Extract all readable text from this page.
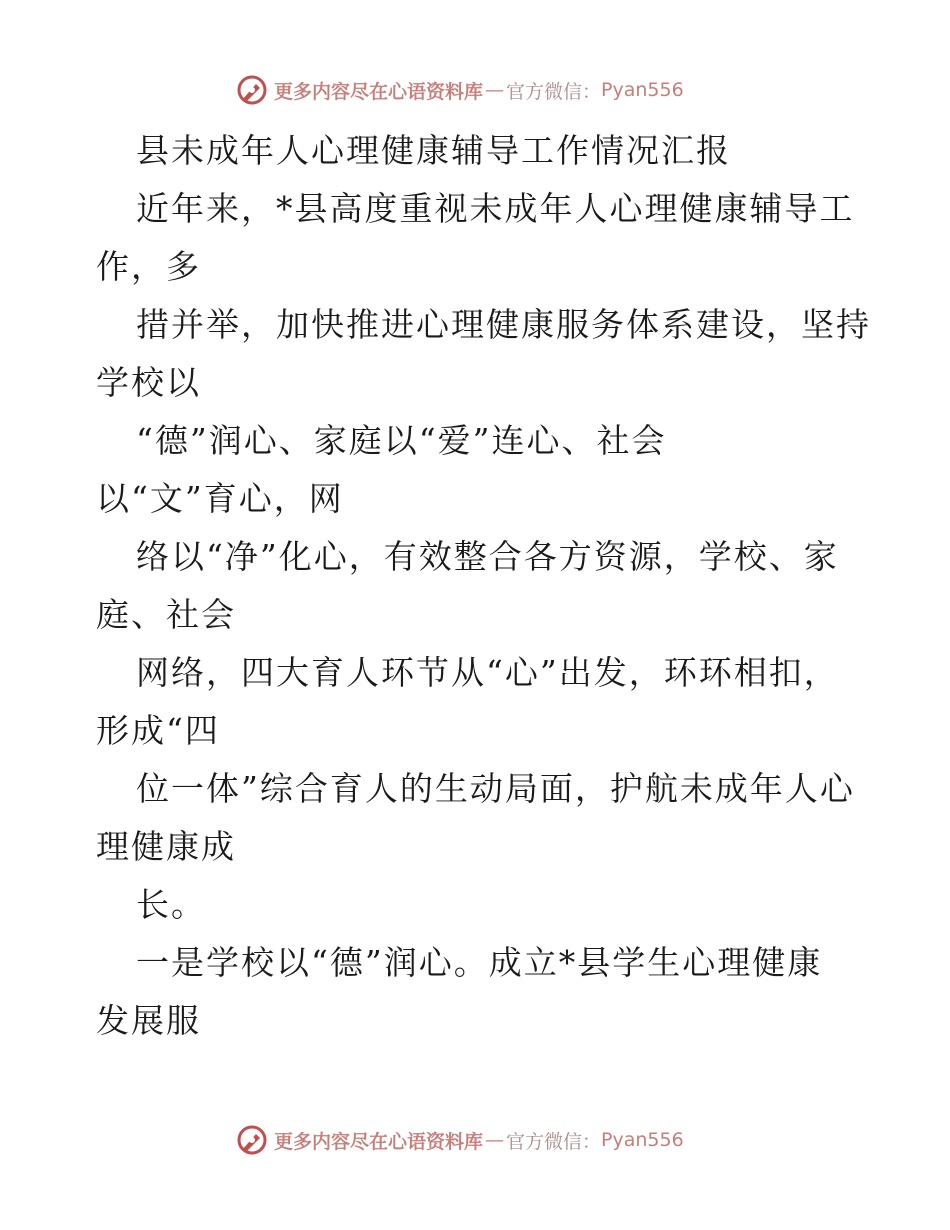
更多内容尽在心语资料库 — 官方微信： Pyan556
县未成年人心理健康辅导工作情况汇报
近年来，*县高度重视未成年人心理健康辅导工
作，多
措并举，加快推进心理健康服务体系建设，坚持
学校以
“德”润心、家庭以“爱”连心、社会
以“文”育心，网
络以“净”化心，有效整合各方资源，学校、家
庭、社会
网络，四大育人环节从“心”出发，环环相扣，
形成“四
位一体”综合育人的生动局面，护航未成年人心
理健康成
长。
一是学校以“德”润心。成立*县学生心理健康
发展服
更多内容尽在心语资料库 — 官方微信： Pyan556
